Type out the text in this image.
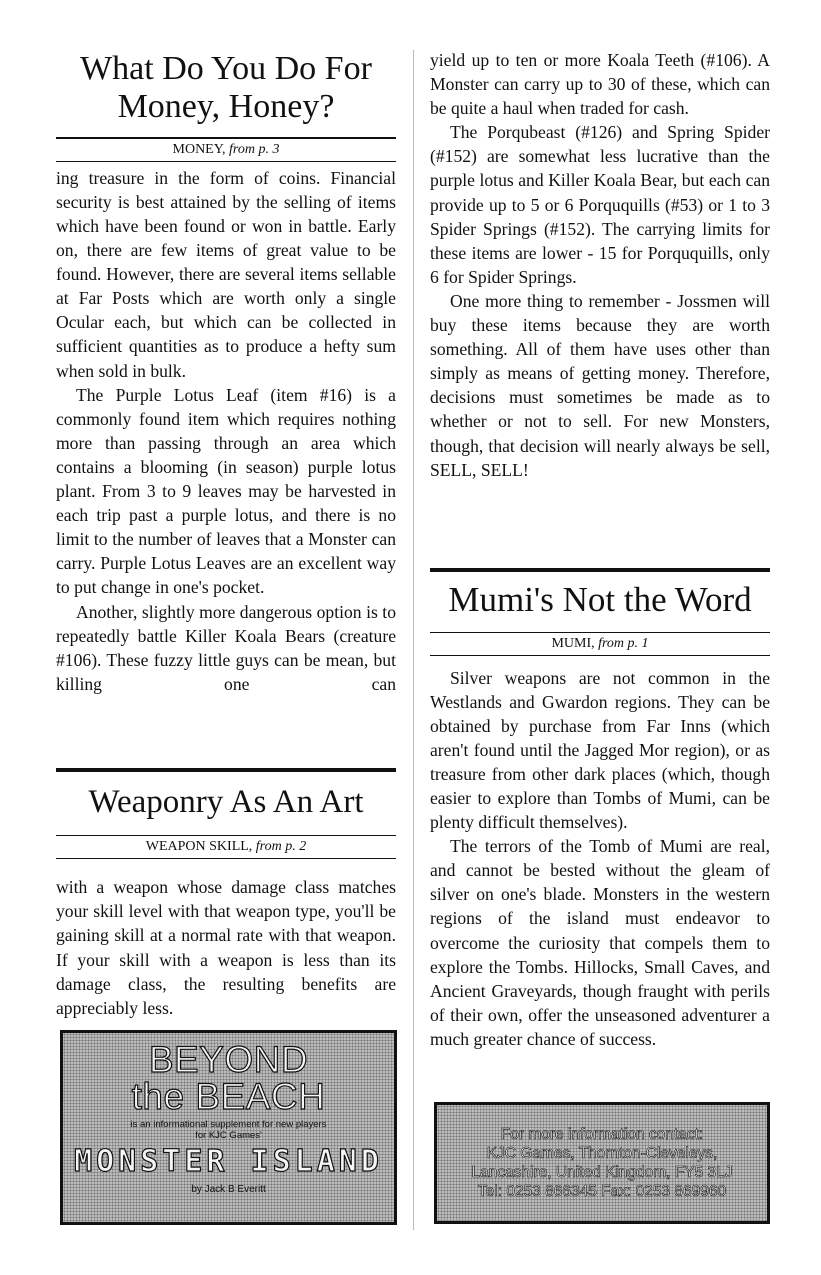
What Do You Do For
Money, Honey?
MONEY, from p. 3

ing treasure in the form of coins. Financial security is best attained by the selling of items which have been found or won in battle. Early on, there are few items of great value to be found. However, there are several items sellable at Far Posts which are worth only a single Ocular each, but which can be collected in sufficient quantities as to produce a hefty sum when sold in bulk.

The Purple Lotus Leaf (item #16) is a commonly found item which requires nothing more than passing through an area which contains a blooming (in season) purple lotus plant. From 3 to 9 leaves may be harvested in each trip past a purple lotus, and there is no limit to the number of leaves that a Monster can carry. Purple Lotus Leaves are an excellent way to put change in one's pocket.

Another, slightly more dangerous option is to repeatedly battle Killer Koala Bears (creature #106). These fuzzy little guys can be mean, but killing one can

Weaponry As An Art
WEAPON SKILL, from p. 2

with a weapon whose damage class matches your skill level with that weapon type, you'll be gaining skill at a normal rate with that weapon. If your skill with a weapon is less than its damage class, the resulting benefits are appreciably less.

BEYOND
the BEACH
is an informational supplement for new players
for KJC Games'
MONSTER ISLAND
by Jack B Everitt

yield up to ten or more Koala Teeth (#106). A Monster can carry up to 30 of these, which can be quite a haul when traded for cash.

The Porqubeast (#126) and Spring Spider (#152) are somewhat less lucrative than the purple lotus and Killer Koala Bear, but each can provide up to 5 or 6 Porququills (#53) or 1 to 3 Spider Springs (#152). The carrying limits for these items are lower - 15 for Porququills, only 6 for Spider Springs.

One more thing to remember - Jossmen will buy these items because they are worth something. All of them have uses other than simply as means of getting money. Therefore, decisions must sometimes be made as to whether or not to sell. For new Monsters, though, that decision will nearly always be sell, SELL, SELL!

Mumi's Not the Word
MUMI, from p. 1

Silver weapons are not common in the Westlands and Gwardon regions. They can be obtained by purchase from Far Inns (which aren't found until the Jagged Mor region), or as treasure from other dark places (which, though easier to explore than Tombs of Mumi, can be plenty difficult themselves).

The terrors of the Tomb of Mumi are real, and cannot be bested without the gleam of silver on one's blade. Monsters in the western regions of the island must endeavor to overcome the curiosity that compels them to explore the Tombs. Hillocks, Small Caves, and Ancient Graveyards, though fraught with perils of their own, offer the unseasoned adventurer a much greater chance of success.

For more information contact:
KJC Games, Thornton-Cleveleys,
Lancashire, United Kingdom, FY5 3LJ
Tel: 0253 866345 Fax: 0253 869960
